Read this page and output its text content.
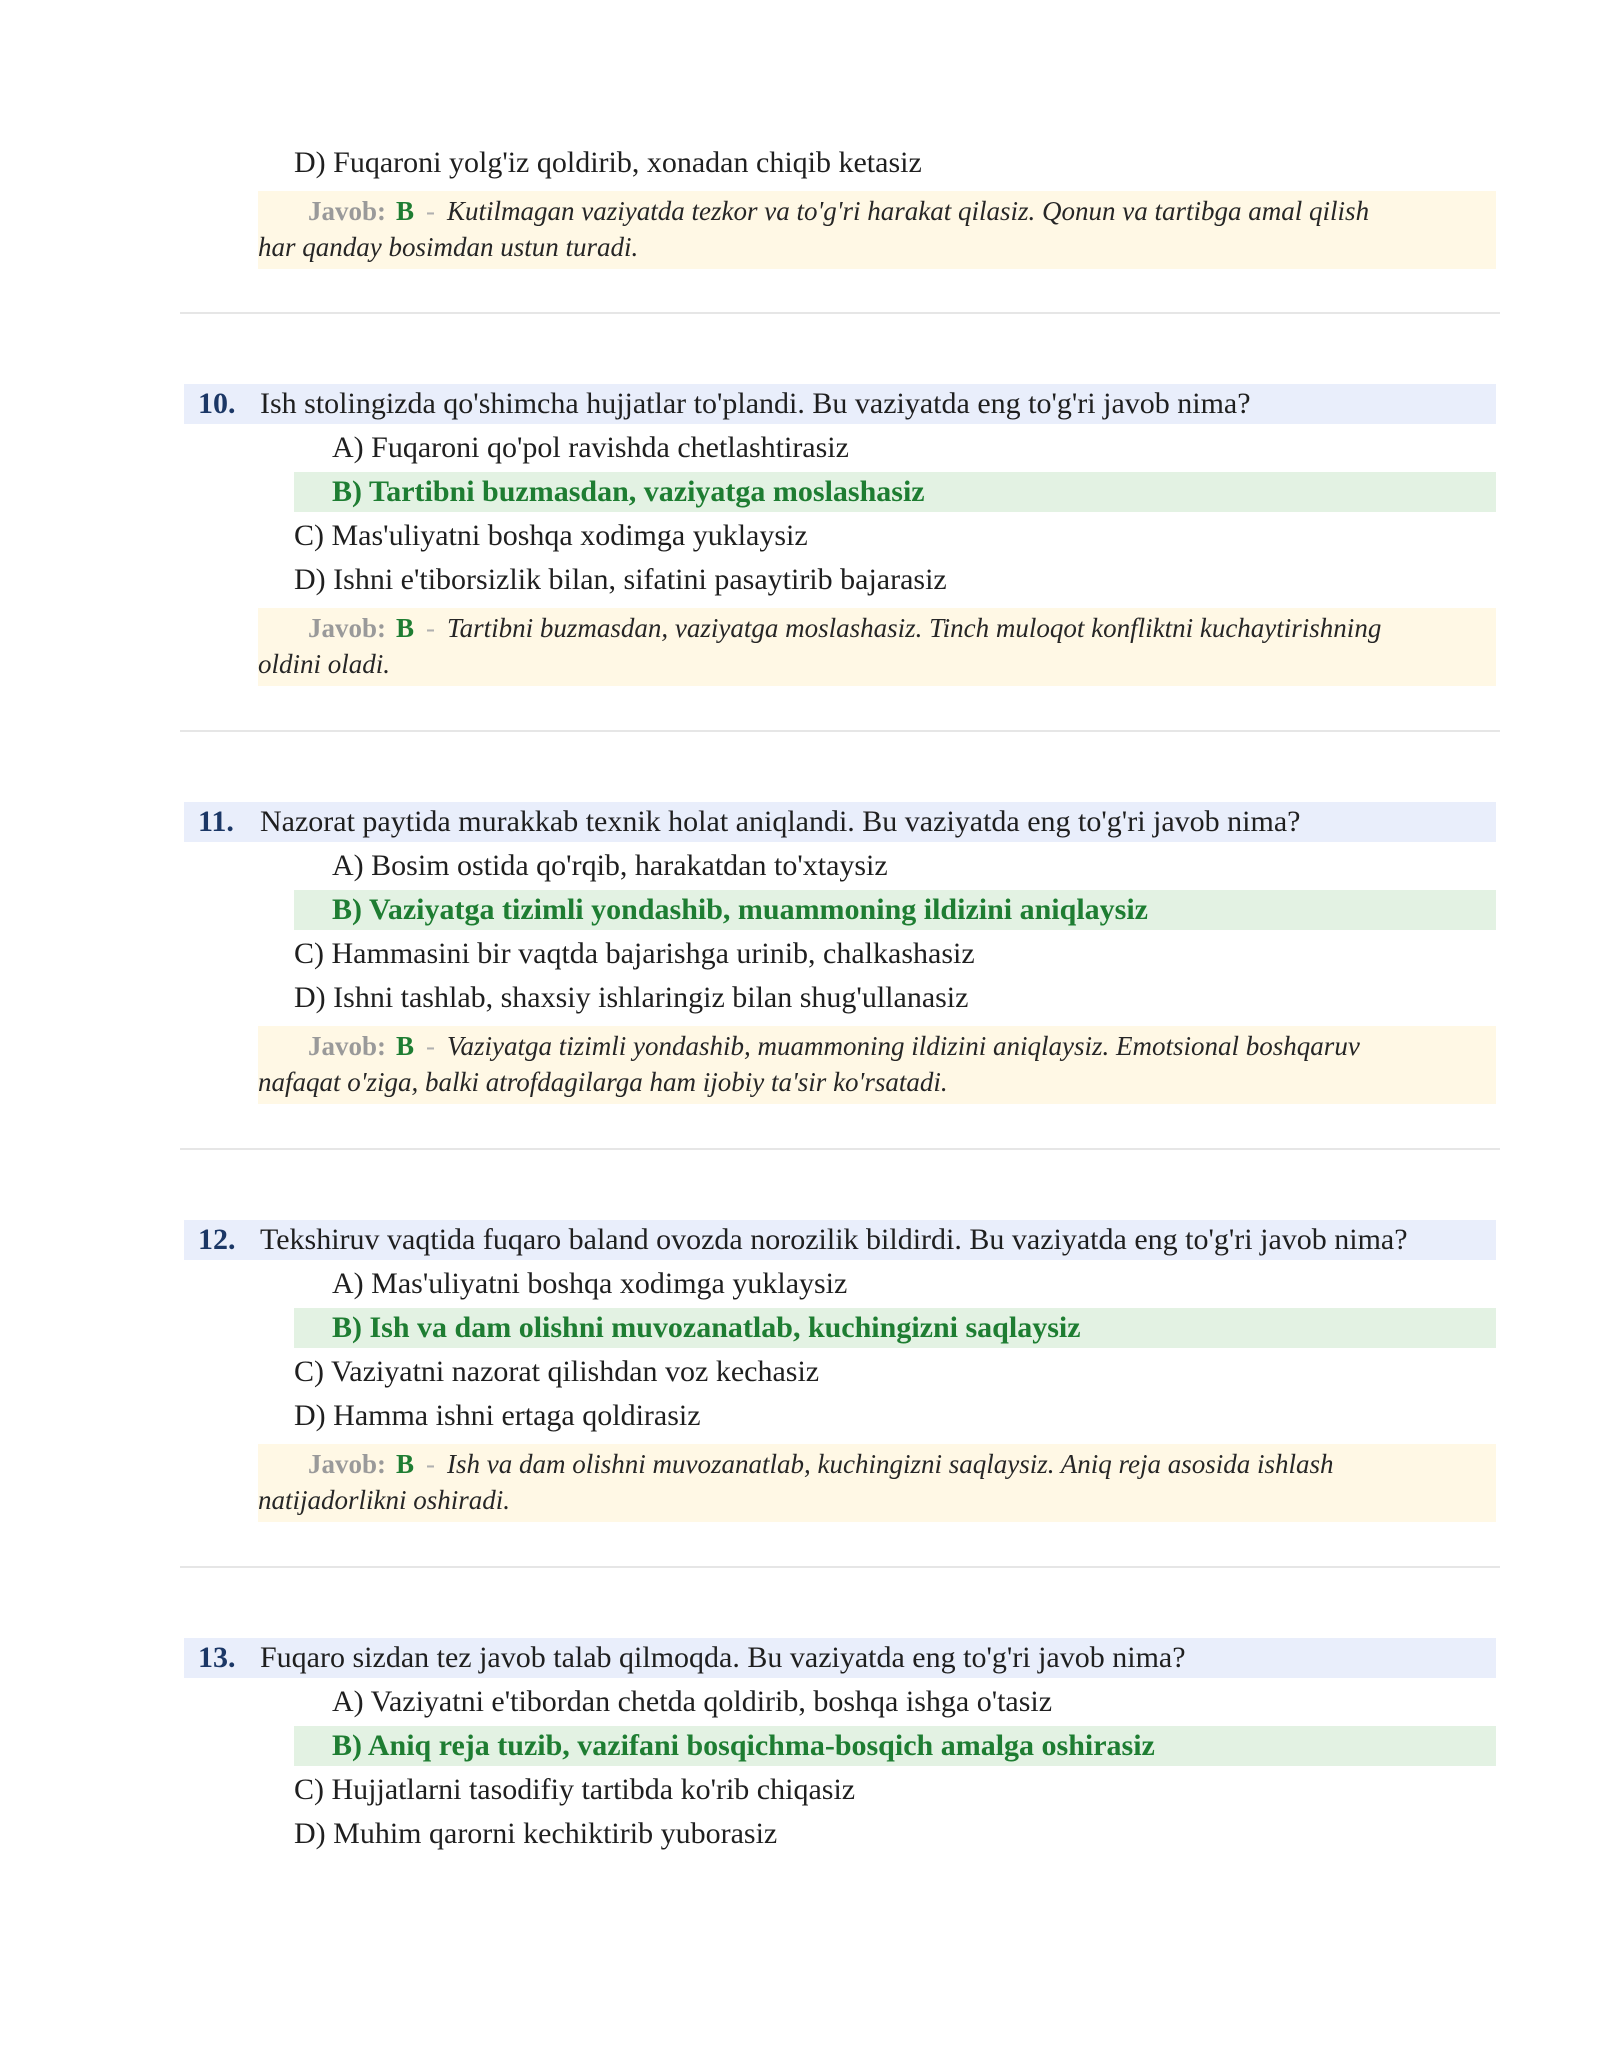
D) Fuqaroni yolg'iz qoldirib, xonadan chiqib ketasiz
Javob: B - Kutilmagan vaziyatda tezkor va to'g'ri harakat qilasiz. Qonun va tartibga amal qilish
har qanday bosimdan ustun turadi.
10. Ish stolingizda qo'shimcha hujjatlar to'plandi. Bu vaziyatda eng to'g'ri javob nima?
A) Fuqaroni qo'pol ravishda chetlashtirasiz
B) Tartibni buzmasdan, vaziyatga moslashasiz
C) Mas'uliyatni boshqa xodimga yuklaysiz
D) Ishni e'tiborsizlik bilan, sifatini pasaytirib bajarasiz
Javob: B - Tartibni buzmasdan, vaziyatga moslashasiz. Tinch muloqot konfliktni kuchaytirishning
oldini oladi.
11. Nazorat paytida murakkab texnik holat aniqlandi. Bu vaziyatda eng to'g'ri javob nima?
A) Bosim ostida qo'rqib, harakatdan to'xtaysiz
B) Vaziyatga tizimli yondashib, muammoning ildizini aniqlaysiz
C) Hammasini bir vaqtda bajarishga urinib, chalkashasiz
D) Ishni tashlab, shaxsiy ishlaringiz bilan shug'ullanasiz
Javob: B - Vaziyatga tizimli yondashib, muammoning ildizini aniqlaysiz. Emotsional boshqaruv
nafaqat o'ziga, balki atrofdagilarga ham ijobiy ta'sir ko'rsatadi.
12. Tekshiruv vaqtida fuqaro baland ovozda norozilik bildirdi. Bu vaziyatda eng to'g'ri javob nima?
A) Mas'uliyatni boshqa xodimga yuklaysiz
B) Ish va dam olishni muvozanatlab, kuchingizni saqlaysiz
C) Vaziyatni nazorat qilishdan voz kechasiz
D) Hamma ishni ertaga qoldirasiz
Javob: B - Ish va dam olishni muvozanatlab, kuchingizni saqlaysiz. Aniq reja asosida ishlash
natijadorlikni oshiradi.
13. Fuqaro sizdan tez javob talab qilmoqda. Bu vaziyatda eng to'g'ri javob nima?
A) Vaziyatni e'tibordan chetda qoldirib, boshqa ishga o'tasiz
B) Aniq reja tuzib, vazifani bosqichma-bosqich amalga oshirasiz
C) Hujjatlarni tasodifiy tartibda ko'rib chiqasiz
D) Muhim qarorni kechiktirib yuborasiz
